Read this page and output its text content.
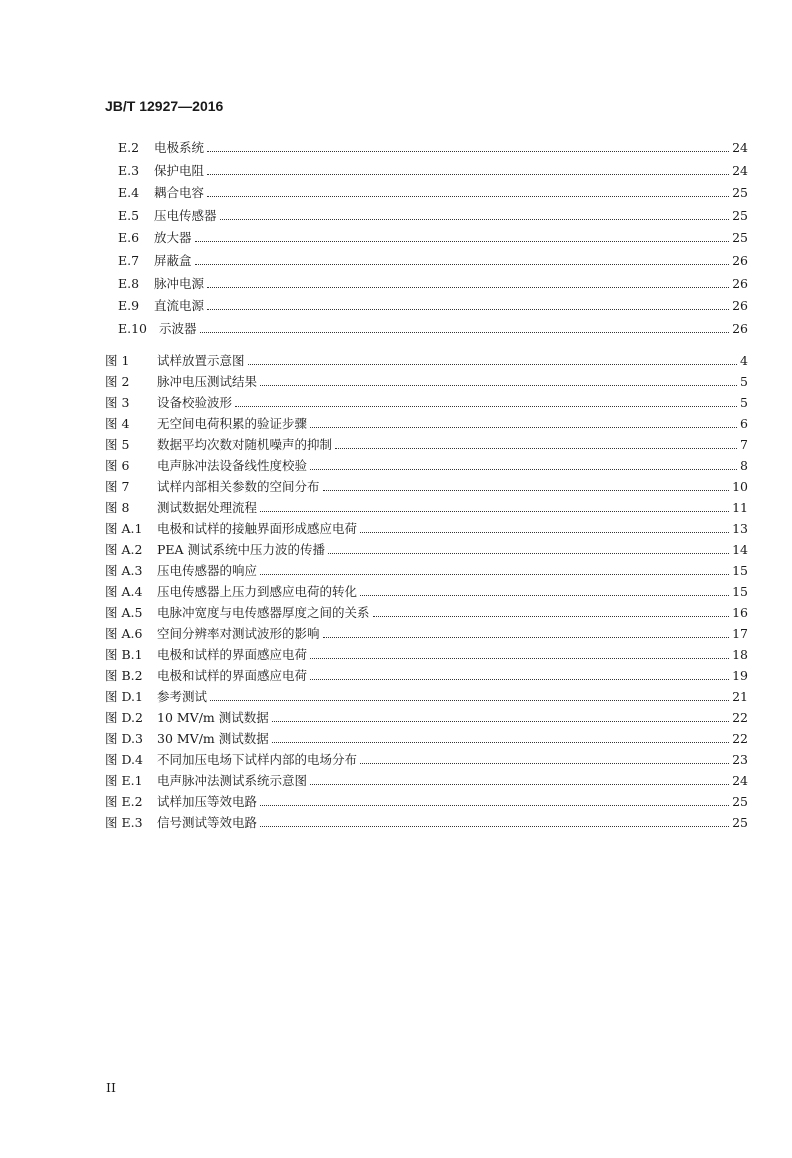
JB/T 12927—2016
E.2 电极系统	24
E.3 保护电阻	24
E.4 耦合电容	25
E.5 压电传感器	25
E.6 放大器	25
E.7 屏蔽盒	26
E.8 脉冲电源	26
E.9 直流电源	26
E.10 示波器	26
图 1	试样放置示意图	4
图 2	脉冲电压测试结果	5
图 3	设备校验波形	5
图 4	无空间电荷积累的验证步骤	6
图 5	数据平均次数对随机噪声的抑制	7
图 6	电声脉冲法设备线性度校验	8
图 7	试样内部相关参数的空间分布	10
图 8	测试数据处理流程	11
图 A.1 电极和试样的接触界面形成感应电荷	13
图 A.2 PEA 测试系统中压力波的传播	14
图 A.3 压电传感器的响应	15
图 A.4 压电传感器上压力到感应电荷的转化	15
图 A.5 电脉冲宽度与电传感器厚度之间的关系	16
图 A.6 空间分辨率对测试波形的影响	17
图 B.1 电极和试样的界面感应电荷	18
图 B.2 电极和试样的界面感应电荷	19
图 D.1 参考测试	21
图 D.2 10 MV/m 测试数据	22
图 D.3 30 MV/m 测试数据	22
图 D.4 不同加压电场下试样内部的电场分布	23
图 E.1 电声脉冲法测试系统示意图	24
图 E.2 试样加压等效电路	25
图 E.3 信号测试等效电路	25
II
